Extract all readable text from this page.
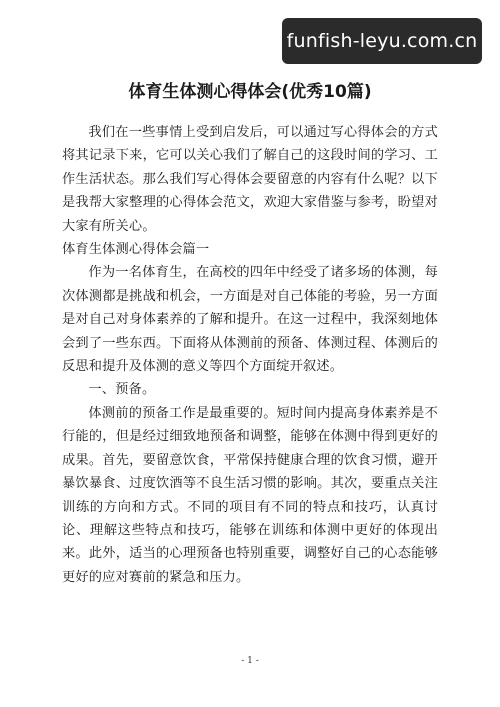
funfish-leyu.com.cn
体育生体测心得体会(优秀10篇)

我们在一些事情上受到启发后，可以通过写心得体会的方式将其记录下来，它可以关心我们了解自己的这段时间的学习、工作生活状态。那么我们写心得体会要留意的内容有什么呢？以下是我帮大家整理的心得体会范文，欢迎大家借鉴与参考，盼望对大家有所关心。

体育生体测心得体会篇一

作为一名体育生，在高校的四年中经受了诸多场的体测，每次体测都是挑战和机会，一方面是对自己体能的考验，另一方面是对自己对身体素养的了解和提升。在这一过程中，我深刻地体会到了一些东西。下面将从体测前的预备、体测过程、体测后的反思和提升及体测的意义等四个方面绽开叙述。

一、预备。

体测前的预备工作是最重要的。短时间内提高身体素养是不行能的，但是经过细致地预备和调整，能够在体测中得到更好的成果。首先，要留意饮食，平常保持健康合理的饮食习惯，避开暴饮暴食、过度饮酒等不良生活习惯的影响。其次，要重点关注训练的方向和方式。不同的项目有不同的特点和技巧，认真讨论、理解这些特点和技巧，能够在训练和体测中更好的体现出来。此外，适当的心理预备也特别重要，调整好自己的心态能够更好的应对赛前的紧急和压力。

- 1 -
